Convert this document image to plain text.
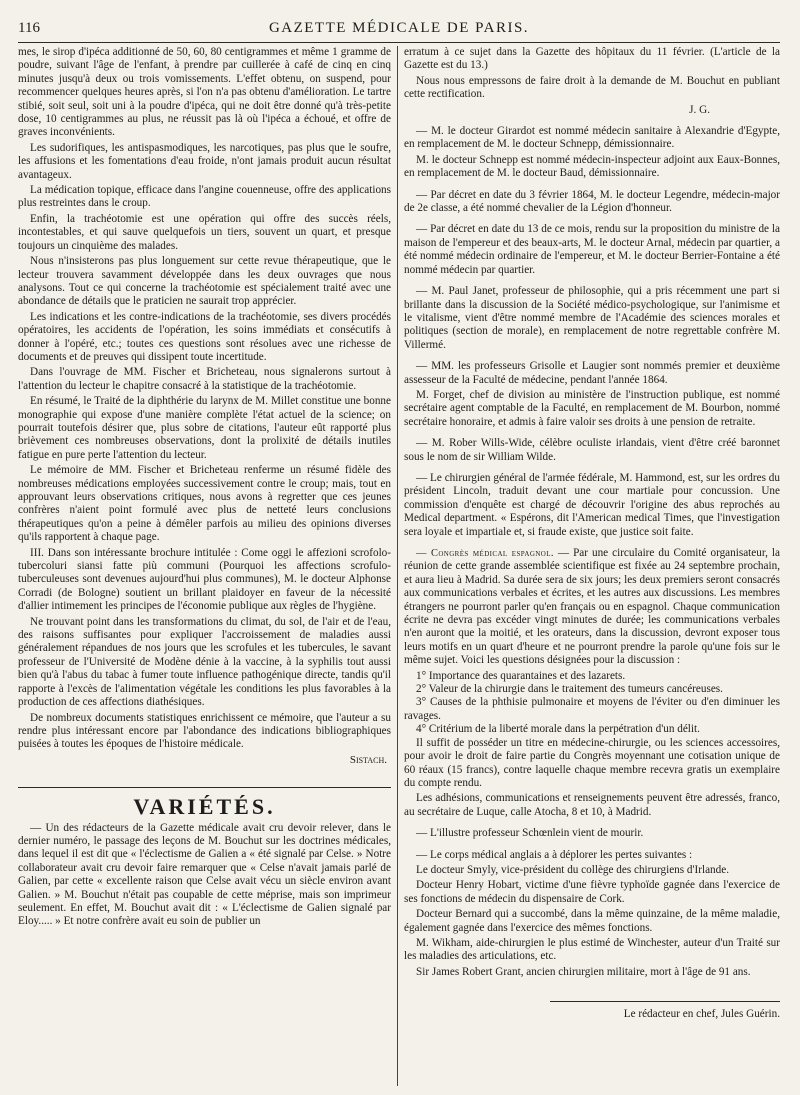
116	GAZETTE MÉDICALE DE PARIS.

mes, le sirop d'ipéca additionné de 50, 60, 80 centigrammes et même 1 gramme de poudre, suivant l'âge de l'enfant, à prendre par cuillerée à café de cinq en cinq minutes jusqu'à deux ou trois vomissements. L'effet obtenu, on suspend, pour recommencer quelques heures après, si l'on n'a pas obtenu d'amélioration. Le tartre stibié, soit seul, soit uni à la poudre d'ipéca, qui ne doit être donné qu'à très-petite dose, 10 centigrammes au plus, ne réussit pas là où l'ipéca a échoué, et offre de graves inconvénients.

Les sudorifiques, les antispasmodiques, les narcotiques, pas plus que le soufre, les affusions et les fomentations d'eau froide, n'ont jamais produit aucun résultat avantageux.

La médication topique, efficace dans l'angine couenneuse, offre des applications plus restreintes dans le croup.

Enfin, la trachéotomie est une opération qui offre des succès réels, incontestables, et qui sauve quelquefois un tiers, souvent un quart, et presque toujours un cinquième des malades.

Nous n'insisterons pas plus longuement sur cette revue thérapeutique, que le lecteur trouvera savamment développée dans les deux ouvrages que nous analysons. Tout ce qui concerne la trachéotomie est spécialement traité avec une abondance de détails que le praticien ne saurait trop apprécier.

Les indications et les contre-indications de la trachéotomie, ses divers procédés opératoires, les accidents de l'opération, les soins immédiats et consécutifs à donner à l'opéré, etc.; toutes ces questions sont résolues avec une richesse de documents et de preuves qui dissipent toute incertitude.

Dans l'ouvrage de MM. Fischer et Bricheteau, nous signalerons surtout à l'attention du lecteur le chapitre consacré à la statistique de la trachéotomie.

En résumé, le Traité de la diphthérie du larynx de M. Millet constitue une bonne monographie qui expose d'une manière complète l'état actuel de la science; on pourrait toutefois désirer que, plus sobre de citations, l'auteur eût rapporté plus brièvement ces nombreuses observations, dont la prolixité de détails inutiles fatigue en pure perte l'attention du lecteur.

Le mémoire de MM. Fischer et Bricheteau renferme un résumé fidèle des nombreuses médications employées successivement contre le croup; mais, tout en approuvant leurs observations critiques, nous avons à regretter que ces jeunes confrères n'aient point formulé avec plus de netteté leurs conclusions thérapeutiques qu'on a peine à démêler parfois au milieu des opinions diverses qu'ils rapportent à chaque page.

III. Dans son intéressante brochure intitulée : Come oggi le affezioni scrofolo-tubercoluri siansi fatte più communi (Pourquoi les affections scrofulo-tuberculeuses sont devenues aujourd'hui plus communes), M. le docteur Alphonse Corradi (de Bologne) soutient un brillant plaidoyer en faveur de la nécessité d'allier intimement les principes de l'économie publique aux règles de l'hygiène.

Ne trouvant point dans les transformations du climat, du sol, de l'air et de l'eau, des raisons suffisantes pour expliquer l'accroissement de maladies aussi généralement répandues de nos jours que les scrofules et les tubercules, le savant professeur de l'Université de Modène dénie à la vaccine, à la syphilis tout aussi bien qu'à l'abus du tabac à fumer toute influence pathogénique directe, tandis qu'il rapporte à l'excès de l'alimentation végétale les conditions les plus favorables à la production de ces affections diathésiques.

De nombreux documents statistiques enrichissent ce mémoire, que l'auteur a su rendre plus intéressant encore par l'abondance des indications bibliographiques puisées à toutes les époques de l'histoire médicale.

Sistach.
VARIÉTÉS.

— Un des rédacteurs de la Gazette médicale avait cru devoir relever, dans le dernier numéro, le passage des leçons de M. Bouchut sur les doctrines médicales, dans lequel il est dit que « l'éclectisme de Galien a « été signalé par Celse. » Notre collaborateur avait cru devoir faire remarquer que « Celse n'avait jamais parlé de Galien, par cette « excellente raison que Celse avait vécu un siècle environ avant Galien. » M. Bouchut n'était pas coupable de cette méprise, mais son imprimeur seulement. En effet, M. Bouchut avait dit : « L'éclectisme de Galien signalé par Eloy..... » Et notre confrère avait eu soin de publier un

erratum à ce sujet dans la Gazette des hôpitaux du 11 février. (L'article de la Gazette est du 13.)

Nous nous empressons de faire droit à la demande de M. Bouchut en publiant cette rectification.

J. G.

— M. le docteur Girardot est nommé médecin sanitaire à Alexandrie d'Egypte, en remplacement de M. le docteur Schnepp, démissionnaire.

M. le docteur Schnepp est nommé médecin-inspecteur adjoint aux Eaux-Bonnes, en remplacement de M. le docteur Baud, démissionnaire.

— Par décret en date du 3 février 1864, M. le docteur Legendre, médecin-major de 2e classe, a été nommé chevalier de la Légion d'honneur.

— Par décret en date du 13 de ce mois, rendu sur la proposition du ministre de la maison de l'empereur et des beaux-arts, M. le docteur Arnal, médecin par quartier, a été nommé médecin ordinaire de l'empereur, et M. le docteur Berrier-Fontaine a été nommé médecin par quartier.

— M. Paul Janet, professeur de philosophie, qui a pris récemment une part si brillante dans la discussion de la Société médico-psychologique, sur l'animisme et le vitalisme, vient d'être nommé membre de l'Académie des sciences morales et politiques (section de morale), en remplacement de notre regrettable confrère M. Villermé.

— MM. les professeurs Grisolle et Laugier sont nommés premier et deuxième assesseur de la Faculté de médecine, pendant l'année 1864.

M. Forget, chef de division au ministère de l'instruction publique, est nommé secrétaire agent comptable de la Faculté, en remplacement de M. Bourbon, nommé secrétaire honoraire, et admis à faire valoir ses droits à une pension de retraite.

— M. Rober Wills-Wide, célèbre oculiste irlandais, vient d'être créé baronnet sous le nom de sir William Wilde.

— Le chirurgien général de l'armée fédérale, M. Hammond, est, sur les ordres du président Lincoln, traduit devant une cour martiale pour concussion. Une commission d'enquête est chargé de découvrir l'origine des abus reprochés au Medical department. « Espérons, dit l'American medical Times, que l'investigation sera loyale et impartiale et, si fraude existe, que justice soit faite.

— Congrès médical espagnol. — Par une circulaire du Comité organisateur, la réunion de cette grande assemblée scientifique est fixée au 24 septembre prochain, et aura lieu à Madrid. Sa durée sera de six jours; les deux premiers seront consacrés aux communications verbales et écrites, et les autres aux discussions. Les membres étrangers ne pourront parler qu'en français ou en espagnol. Chaque communication écrite ne devra pas excéder vingt minutes de durée; les communications verbales n'en auront que la moitié, et les orateurs, dans la discussion, devront exposer tous leurs motifs en un quart d'heure et ne pourront prendre la parole qu'une fois sur le même sujet. Voici les questions désignées pour la discussion :

1° Importance des quarantaines et des lazarets.

2° Valeur de la chirurgie dans le traitement des tumeurs cancéreuses.

3° Causes de la phthisie pulmonaire et moyens de l'éviter ou d'en diminuer les ravages.

4° Critérium de la liberté morale dans la perpétration d'un délit.

Il suffit de posséder un titre en médecine-chirurgie, ou les sciences accessoires, pour avoir le droit de faire partie du Congrès moyennant une cotisation unique de 60 réaux (15 francs), contre laquelle chaque membre recevra gratis un exemplaire du compte rendu.

Les adhésions, communications et renseignements peuvent être adressés, franco, au secrétaire de Luque, calle Atocha, 8 et 10, à Madrid.

— L'illustre professeur Schœnlein vient de mourir.

— Le corps médical anglais a à déplorer les pertes suivantes :

Le docteur Smyly, vice-président du collège des chirurgiens d'Irlande.

Docteur Henry Hobart, victime d'une fièvre typhoïde gagnée dans l'exercice de ses fonctions de médecin du dispensaire de Cork.

Docteur Bernard qui a succombé, dans la même quinzaine, de la même maladie, également gagnée dans l'exercice des mêmes fonctions.

M. Wikham, aide-chirurgien le plus estimé de Winchester, auteur d'un Traité sur les maladies des articulations, etc.

Sir James Robert Grant, ancien chirurgien militaire, mort à l'âge de 91 ans.

Le rédacteur en chef, Jules Guérin.
